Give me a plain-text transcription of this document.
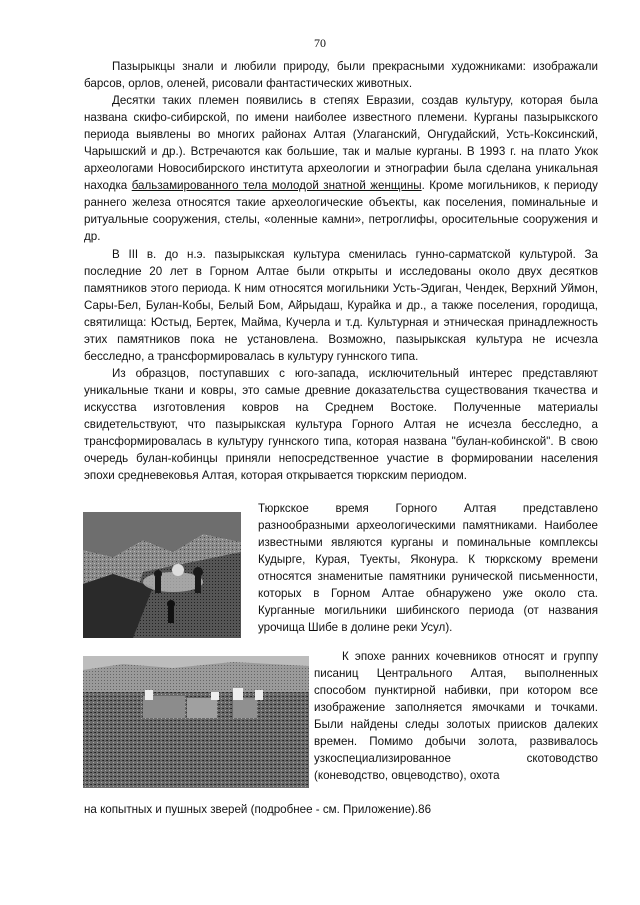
70

Пазырыкцы знали и любили природу, были прекрасными художниками: изображали барсов, орлов, оленей, рисовали фантастических животных.

Десятки таких племен появились в степях Евразии, создав культуру, которая была названа скифо-сибирской, по имени наиболее известного племени. Курганы пазырыкского периода выявлены во многих районах Алтая (Улаганский, Онгудайский, Усть-Коксинский, Чарышский и др.). Встречаются как большие, так и малые курганы. В 1993 г. на плато Укок археологами Новосибирского института археологии и этнографии была сделана уникальная находка бальзамированного тела молодой знатной женщины. Кроме могильников, к периоду раннего железа относятся такие археологические объекты, как поселения, поминальные и ритуальные сооружения, стелы, «оленные камни», петроглифы, оросительные сооружения и др.

В III в. до н.э. пазырыкская культура сменилась гунно-сарматской культурой. За последние 20 лет в Горном Алтае были открыты и исследованы около двух десятков памятников этого периода. К ним относятся могильники Усть-Эдиган, Чендек, Верхний Уймон, Сары-Бел, Булан-Кобы, Белый Бом, Айрыдаш, Курайка и др., а также поселения, городища, святилища: Юстыд, Бертек, Майма, Кучерла и т.д. Культурная и этническая принадлежность этих памятников пока не установлена. Возможно, пазырыкская культура не исчезла бесследно, а трансформировалась в культуру гуннского типа.

Из образцов, поступавших с юго-запада, исключительный интерес представляют уникальные ткани и ковры, это самые древние доказательства существования ткачества и искусства изготовления ковров на Среднем Востоке. Полученные материалы свидетельствуют, что пазырыкская культура Горного Алтая не исчезла бесследно, а трансформировалась в культуру гуннского типа, которая названа "булан-кобинской". В свою очередь булан-кобинцы приняли непосредственное участие в формировании населения эпохи средневековья Алтая, которая открывается тюркским периодом.

Тюркское время Горного Алтая представлено разнообразными археологическими памятниками. Наиболее известными являются курганы и поминальные комплексы Кудырге, Курая, Туекты, Яконура. К тюркскому времени относятся знаменитые памятники рунической письменности, которых в Горном Алтае обнаружено уже около ста. Курганные могильники шибинского периода (от названия урочища Шибе в долине реки Усул).

К эпохе ранних кочевников относят и группу писаниц Центрального Алтая, выполненных способом пунктирной набивки, при котором все изображение заполняется ямочками и точками. Были найдены следы золотых приисков далеких времен. Помимо добычи золота, развивалось узкоспециализированное скотоводство (коневодство, овцеводство), охота

на копытных и пушных зверей (подробнее - см. Приложение).86
